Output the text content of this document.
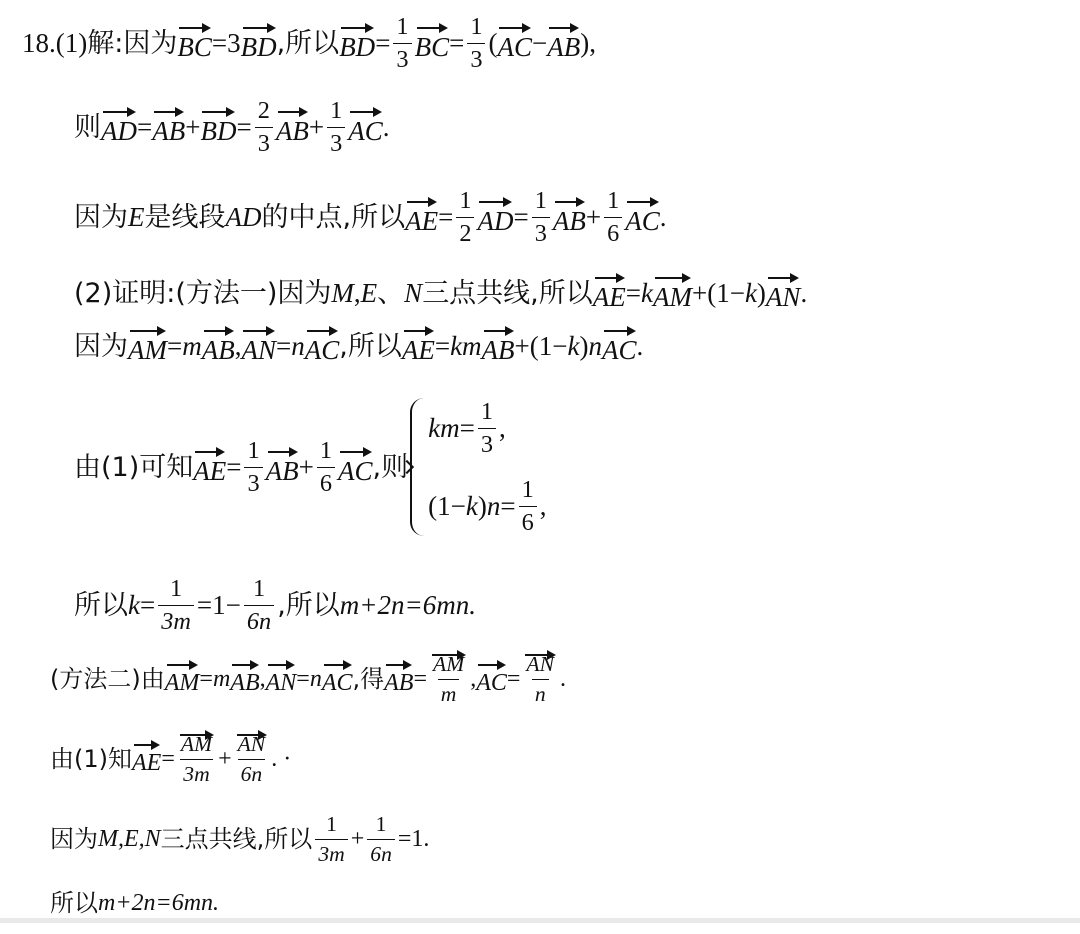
18. (1) 解:因为 BC = 3 BD ,所以 BD = $\frac{1}{3}$ BC = $\frac{1}{3}$ ( AC − AB ),
则 AD = AB + BD = $\frac{2}{3}$ AB + $\frac{1}{3}$ AC .
因为 E 是线段 AD 的中点,所以 AE = $\frac{1}{2}$ AD = $\frac{1}{3}$ AB + $\frac{1}{6}$ AC .
(2)证明:(方法一)因为 M , E 、 N 三点共线,所以 AE = k AM + (1− k ) AN .
因为 AM = m AB , AN = n AC ,所以 AE = km AB + (1− k ) n AC .
由(1)可知 AE = $\frac{1}{3}$ AB + $\frac{1}{6}$ AC ,则
km = $\frac{1}{3}$ ,
(1− k ) $n = \frac{1}{6}$ ,
所以 $k = \frac{1}{3m} =1- \frac{1}{6n}$ ,所以 m+2n=6mn.
(方法二)由 AM = m AB , AN = n AC ,得 AB = $\frac{AM}{m}$ , AC = $\frac{AN}{n}$ .
由(1)知 AE = $\frac{AM}{3m} + \frac{AN}{6n}$ . ·
因为 M,E,N 三点共线,所以 $\frac{1}{3m} + \frac{1}{6n} =1$.
所以 m+2n=6mn.
